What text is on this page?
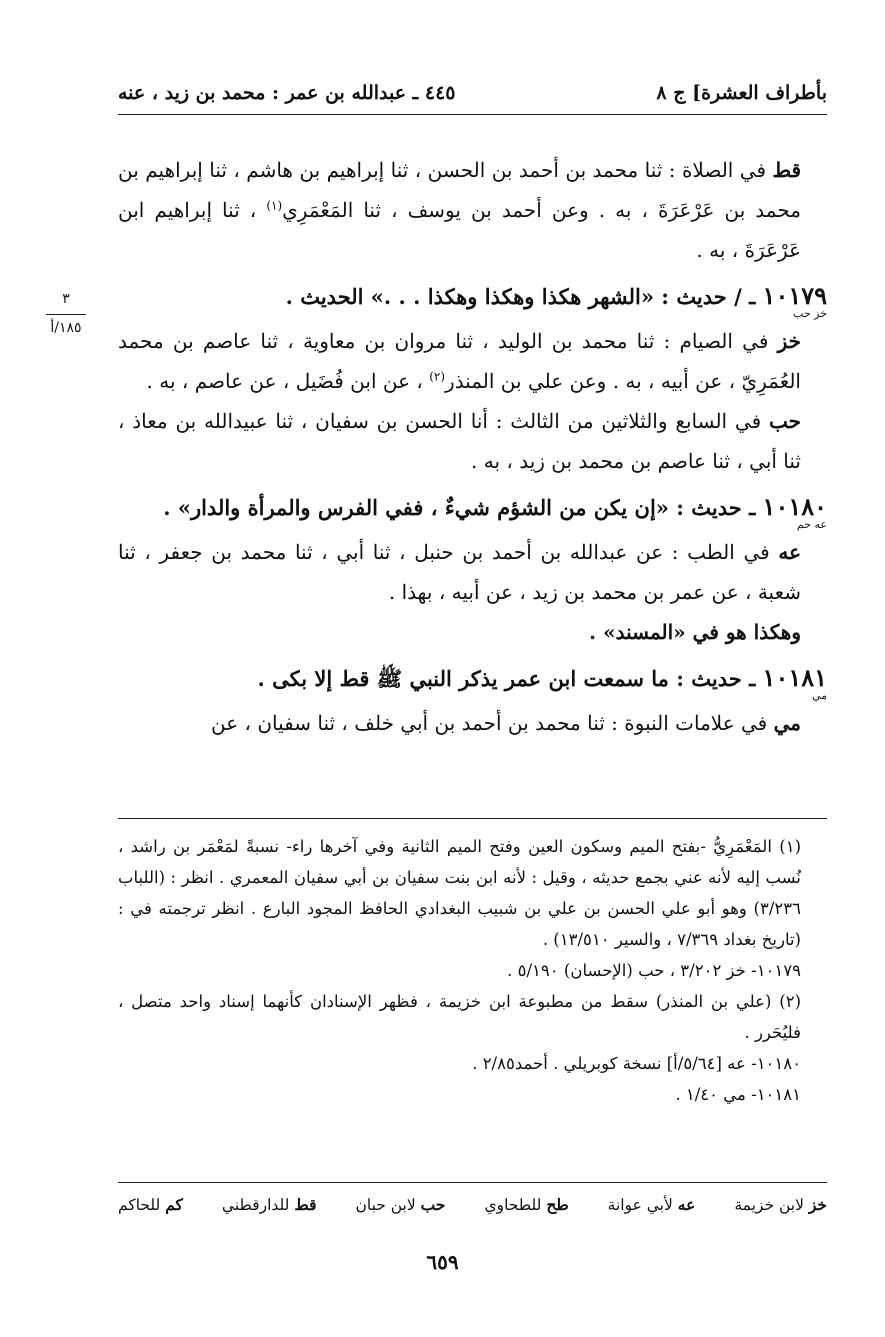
بأطراف العشرة] ج ٨
٤٤٥ ـ عبدالله بن عمر : محمد بن زيد ، عنه
٣
١٨٥/أ

قط في الصلاة : ثنا محمد بن أحمد بن الحسن ، ثنا إبراهيم بن هاشم ، ثنا إبراهيم بن محمد بن عَرْعَرَةَ ، به . وعن أحمد بن يوسف ، ثنا المَعْمَرِي$^{(١)}$ ، ثنا إبراهيم ابن عَرْعَرَةَ ، به .

١٠١٧٩ ـ / حديث : «الشهر هكذا وهكذا وهكذا . . .» الحديث .
خز حب

خز في الصيام : ثنا محمد بن الوليد ، ثنا مروان بن معاوية ، ثنا عاصم بن محمد العُمَرِيّ ، عن أبيه ، به . وعن علي بن المنذر$^{(٢)}$ ، عن ابن فُضَيل ، عن عاصم ، به .

حب في السابع والثلاثين من الثالث : أنا الحسن بن سفيان ، ثنا عبيدالله بن معاذ ، ثنا أبي ، ثنا عاصم بن محمد بن زيد ، به .

١٠١٨٠ ـ حديث : «إن يكن من الشؤم شيءٌ ، ففي الفرس والمرأة والدار» .
عه حم

عه في الطب : عن عبدالله بن أحمد بن حنبل ، ثنا أبي ، ثنا محمد بن جعفر ، ثنا شعبة ، عن عمر بن محمد بن زيد ، عن أبيه ، بهذا .

وهكذا هو في «المسند» .

١٠١٨١ ـ حديث : ما سمعت ابن عمر يذكر النبي ﷺ قط إلا بكى .
مي

مي في علامات النبوة : ثنا محمد بن أحمد بن أبي خلف ، ثنا سفيان ، عن

(١) المَعْمَرِيُّ -بفتح الميم وسكون العين وفتح الميم الثانية وفي آخرها راء- نسبةً لمَعْمَر بن راشد ، نُسب إليه لأنه عني بجمع حديثه ، وقيل : لأنه ابن بنت سفيان بن أبي سفيان المعمري . انظر : (اللباب ٣/٢٣٦) وهو أبو علي الحسن بن علي بن شبيب البغدادي الحافظ المجود البارع . انظر ترجمته في : (تاريخ بغداد ٧/٣٦٩ ، والسير ١٣/٥١٠) .

١٠١٧٩- خز ٣/٢٠٢ ، حب (الإحسان) ٥/١٩٠ .

(٢) (علي بن المنذر) سقط من مطبوعة ابن خزيمة ، فظهر الإسنادان كأنهما إسناد واحد متصل ، فليُحَرر .

١٠١٨٠- عه [٥/٦٤/أ] نسخة كوبريلي . أحمد٢/٨٥ .

١٠١٨١- مي ١/٤٠ .

خز لابن خزيمة
عه لأبي عوانة
طح للطحاوي
حب لابن حبان
قط للدارقطني
كم للحاكم
٦٥٩
